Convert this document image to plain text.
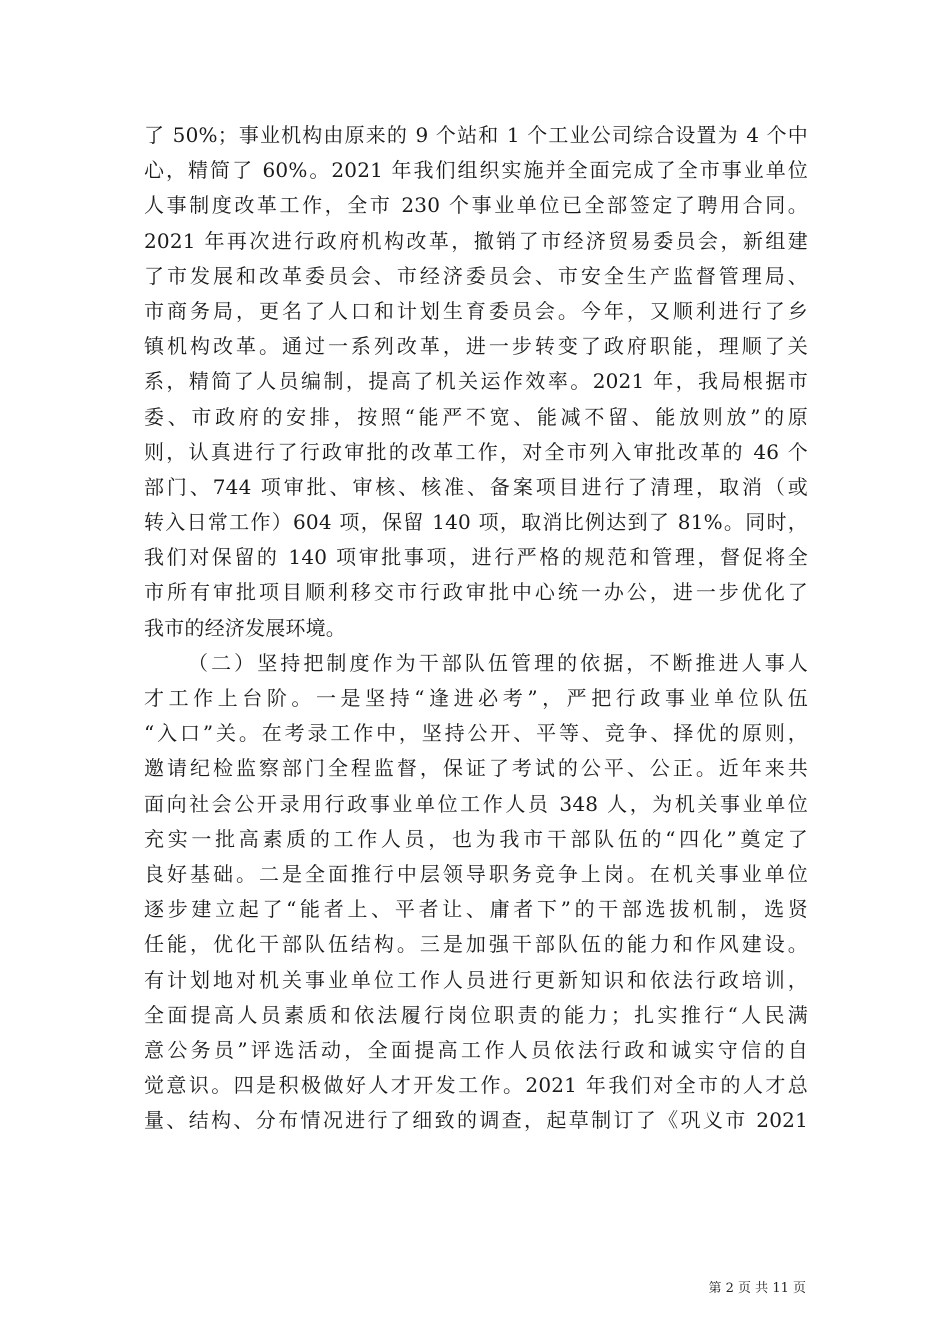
了 50%；事业机构由原来的 9 个站和 1 个工业公司综合设置为 4 个中
心，精简了 60%。2021 年我们组织实施并全面完成了全市事业单位
人事制度改革工作，全市 230 个事业单位已全部签定了聘用合同。
2021 年再次进行政府机构改革，撤销了市经济贸易委员会，新组建
了市发展和改革委员会、市经济委员会、市安全生产监督管理局、
市商务局，更名了人口和计划生育委员会。今年，又顺利进行了乡
镇机构改革。通过一系列改革，进一步转变了政府职能，理顺了关
系，精简了人员编制，提高了机关运作效率。2021 年，我局根据市
委、市政府的安排，按照“能严不宽、能减不留、能放则放”的原
则，认真进行了行政审批的改革工作，对全市列入审批改革的 46 个
部门、744 项审批、审核、核准、备案项目进行了清理，取消（或
转入日常工作）604 项，保留 140 项，取消比例达到了 81%。同时，
我们对保留的 140 项审批事项，进行严格的规范和管理，督促将全
市所有审批项目顺利移交市行政审批中心统一办公，进一步优化了
我市的经济发展环境。
（二）坚持把制度作为干部队伍管理的依据，不断推进人事人
才工作上台阶。一是坚持“逢进必考”，严把行政事业单位队伍
“入口”关。在考录工作中，坚持公开、平等、竞争、择优的原则，
邀请纪检监察部门全程监督，保证了考试的公平、公正。近年来共
面向社会公开录用行政事业单位工作人员 348 人，为机关事业单位
充实一批高素质的工作人员，也为我市干部队伍的“四化”奠定了
良好基础。二是全面推行中层领导职务竞争上岗。在机关事业单位
逐步建立起了“能者上、平者让、庸者下”的干部选拔机制，选贤
任能，优化干部队伍结构。三是加强干部队伍的能力和作风建设。
有计划地对机关事业单位工作人员进行更新知识和依法行政培训，
全面提高人员素质和依法履行岗位职责的能力；扎实推行“人民满
意公务员”评选活动，全面提高工作人员依法行政和诚实守信的自
觉意识。四是积极做好人才开发工作。2021 年我们对全市的人才总
量、结构、分布情况进行了细致的调查，起草制订了《巩义市 2021
第 2 页 共 11 页
